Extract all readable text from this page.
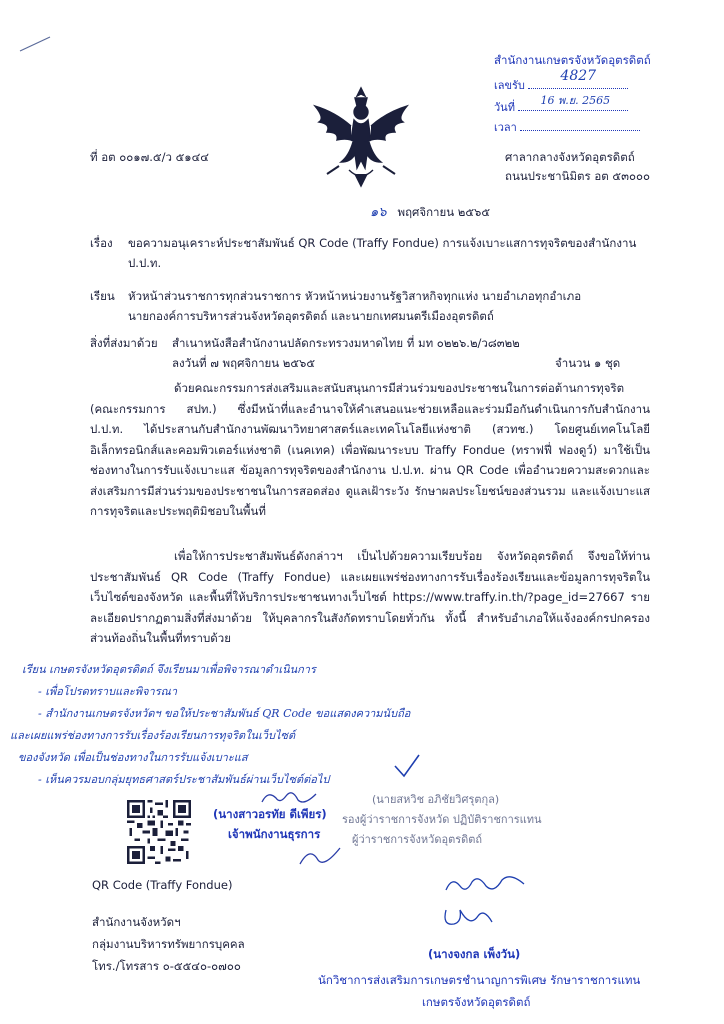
สำนักงานเกษตรจังหวัดอุตรดิตถ์
เลขรับ
4827
วันที่
16 พ.ย. 2565
เวลา
ที่ อต ๐๐๑๗.๕/ว ๕๑๔๔	ศาลากลางจังหวัดอุตรดิตถ์
ถนนประชานิมิตร อต ๕๓๐๐๐
๑๖ พฤศจิกายน ๒๕๖๕
เรื่อง ขอความอนุเคราะห์ประชาสัมพันธ์ QR Code (Traffy Fondue) การแจ้งเบาะแสการทุจริตของสำนักงาน
ป.ป.ท.
เรียน หัวหน้าส่วนราชการทุกส่วนราชการ หัวหน้าหน่วยงานรัฐวิสาหกิจทุกแห่ง นายอำเภอทุกอำเภอ
นายกองค์การบริหารส่วนจังหวัดอุตรดิตถ์ และนายกเทศมนตรีเมืองอุตรดิตถ์
สิ่งที่ส่งมาด้วย สำเนาหนังสือสำนักงานปลัดกระทรวงมหาดไทย ที่ มท ๐๒๒๖.๒/ว๘๓๒๒
ลงวันที่ ๗ พฤศจิกายน ๒๕๖๕	จำนวน ๑ ชุด
ด้วยคณะกรรมการส่งเสริมและสนับสนุนการมีส่วนร่วมของประชาชนในการต่อต้านการทุจริต (คณะกรรมการ สปท.) ซึ่งมีหน้าที่และอำนาจให้คำเสนอแนะช่วยเหลือและร่วมมือกันดำเนินการกับสำนักงาน ป.ป.ท. ได้ประสานกับสำนักงานพัฒนาวิทยาศาสตร์และเทคโนโลยีแห่งชาติ (สวทช.) โดยศูนย์เทคโนโลยีอิเล็กทรอนิกส์และคอมพิวเตอร์แห่งชาติ (เนคเทค) เพื่อพัฒนาระบบ Traffy Fondue (ทราฟฟี่ ฟองดูว์) มาใช้เป็นช่องทางในการรับแจ้งเบาะแส ข้อมูลการทุจริตของสำนักงาน ป.ป.ท. ผ่าน QR Code เพื่ออำนวยความสะดวกและส่งเสริมการมีส่วนร่วมของประชาชนในการสอดส่อง ดูแลเฝ้าระวัง รักษาผลประโยชน์ของส่วนรวม และแจ้งเบาะแสการทุจริตและประพฤติมิชอบในพื้นที่
เพื่อให้การประชาสัมพันธ์ดังกล่าวฯ เป็นไปด้วยความเรียบร้อย จังหวัดอุตรดิตถ์ จึงขอให้ท่านประชาสัมพันธ์ QR Code (Traffy Fondue) และเผยแพร่ช่องทางการรับเรื่องร้องเรียนและข้อมูลการทุจริตในเว็บไซต์ของจังหวัด และพื้นที่ให้บริการประชาชนทางเว็บไซต์ https://www.traffy.in.th/?page_id=27667 รายละเอียดปรากฏตามสิ่งที่ส่งมาด้วย ให้บุคลากรในสังกัดทราบโดยทั่วกัน ทั้งนี้ สำหรับอำเภอให้แจ้งองค์กรปกครองส่วนท้องถิ่นในพื้นที่ทราบด้วย
เรียน เกษตรจังหวัดอุตรดิตถ์ จึงเรียนมาเพื่อพิจารณาดำเนินการ
- เพื่อโปรดทราบและพิจารณา
- สำนักงานเกษตรจังหวัดฯ ขอให้ประชาสัมพันธ์ QR Code ขอแสดงความนับถือ
และเผยแพร่ช่องทางการรับเรื่องร้องเรียนการทุจริตในเว็บไซต์
ของจังหวัด เพื่อเป็นช่องทางในการรับแจ้งเบาะแส
- เห็นควรมอบกลุ่มยุทธศาสตร์ประชาสัมพันธ์ผ่านเว็บไซต์ต่อไป
(นางสาวอรทัย ดีเพียร)
เจ้าพนักงานธุรการ
(นายสหวิช อภิชัยวิศรุตกุล)
รองผู้ว่าราชการจังหวัด ปฏิบัติราชการแทน
ผู้ว่าราชการจังหวัดอุตรดิตถ์
QR Code (Traffy Fondue)
สำนักงานจังหวัดฯ
กลุ่มงานบริหารทรัพยากรบุคคล
โทร./โทรสาร ๐-๕๕๔๐-๐๗๐๐
(นางจงกล เพ็งวัน)
นักวิชาการส่งเสริมการเกษตรชำนาญการพิเศษ รักษาราชการแทน
เกษตรจังหวัดอุตรดิตถ์
